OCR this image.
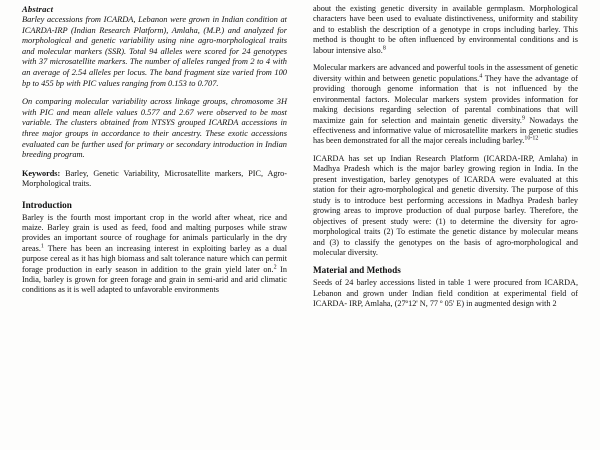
Abstract
Barley accessions from ICARDA, Lebanon were grown in Indian condition at ICARDA-IRP (Indian Research Platform), Amlaha, (M.P.) and analyzed for morphological and genetic variability using nine agro-morphological traits and molecular markers (SSR). Total 94 alleles were scored for 24 genotypes with 37 microsatellite markers. The number of alleles ranged from 2 to 4 with an average of 2.54 alleles per locus. The band fragment size varied from 100 bp to 455 bp with PIC values ranging from 0.153 to 0.707.
On comparing molecular variability across linkage groups, chromosome 3H with PIC and mean allele values 0.577 and 2.67 were observed to be most variable. The clusters obtained from NTSYS grouped ICARDA accessions in three major groups in accordance to their ancestry. These exotic accessions evaluated can be further used for primary or secondary introduction in Indian breeding program.

Keywords: Barley, Genetic Variability, Microsatellite markers, PIC, Agro-Morphological traits.

Introduction

Barley is the fourth most important crop in the world after wheat, rice and maize. Barley grain is used as feed, food and malting purposes while straw provides an important source of roughage for animals particularly in the dry areas.$^1$ There has been an increasing interest in exploiting barley as a dual purpose cereal as it has high biomass and salt tolerance nature which can permit forage production in early season in addition to the grain yield later on.$^2$ In India, barley is grown for green forage and grain in semi-arid and arid climatic conditions as it is well adapted to unfavorable environments

about the existing genetic diversity in available germplasm. Morphological characters have been used to evaluate distinctiveness, uniformity and stability and to establish the description of a genotype in crops including barley. This method is thought to be often influenced by environmental conditions and is labour intensive also.$^8$

Molecular markers are advanced and powerful tools in the assessment of genetic diversity within and between genetic populations.$^4$ They have the advantage of providing thorough genome information that is not influenced by the environmental factors. Molecular markers system provides information for making decisions regarding selection of parental combinations that will maximize gain for selection and maintain genetic diversity.$^9$ Nowadays the effectiveness and informative value of microsatellite markers in genetic studies has been demonstrated for all the major cereals including barley.$^{10-12}$

ICARDA has set up Indian Research Platform (ICARDA-IRP, Amlaha) in Madhya Pradesh which is the major barley growing region in India. In the present investigation, barley genotypes of ICARDA were evaluated at this station for their agro-morphological and genetic diversity. The purpose of this study is to introduce best performing accessions in Madhya Pradesh barley growing areas to improve production of dual purpose barley. Therefore, the objectives of present study were: (1) to determine the diversity for agro-morphological traits (2) To estimate the genetic distance by molecular means and (3) to classify the genotypes on the basis of agro-morphological and molecular diversity.

Material and Methods

Seeds of 24 barley accessions listed in table 1 were procured from ICARDA, Lebanon and grown under Indian field condition at experimental field of ICARDA- IRP, Amlaha, (27º12' N, 77 º 05' E) in augmented design with 2
